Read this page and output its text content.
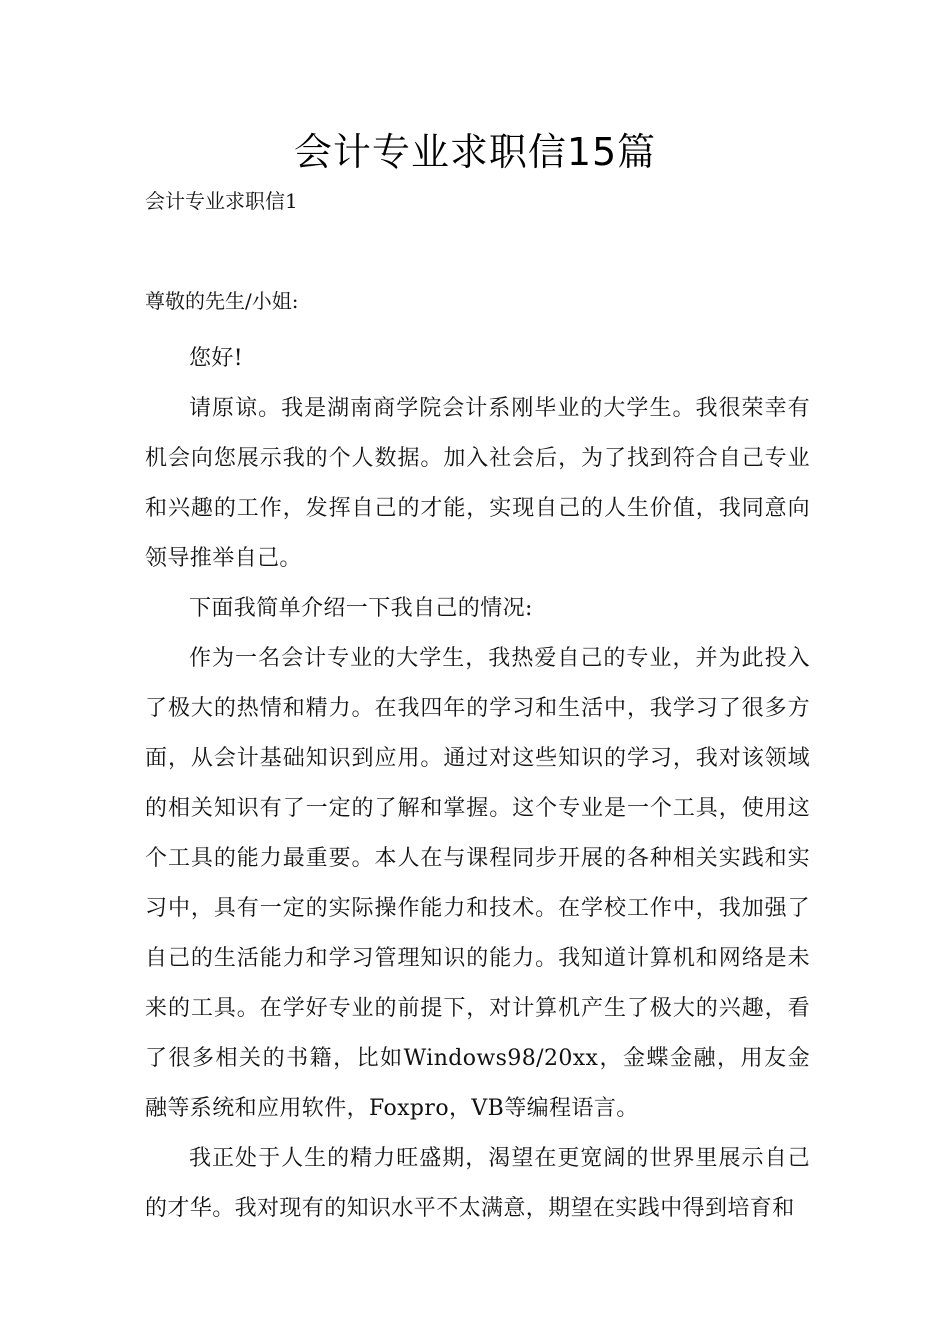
会计专业求职信15篇
会计专业求职信1
尊敬的先生/小姐:

您好!

请原谅。我是湖南商学院会计系刚毕业的大学生。我很荣幸有机会向您展示我的个人数据。加入社会后，为了找到符合自己专业和兴趣的工作，发挥自己的才能，实现自己的人生价值，我同意向领导推举自己。

下面我简单介绍一下我自己的情况:

作为一名会计专业的大学生，我热爱自己的专业，并为此投入了极大的热情和精力。在我四年的学习和生活中，我学习了很多方面，从会计基础知识到应用。通过对这些知识的学习，我对该领域的相关知识有了一定的了解和掌握。这个专业是一个工具，使用这个工具的能力最重要。本人在与课程同步开展的各种相关实践和实习中，具有一定的实际操作能力和技术。在学校工作中，我加强了自己的生活能力和学习管理知识的能力。我知道计算机和网络是未来的工具。在学好专业的前提下，对计算机产生了极大的兴趣，看了很多相关的书籍，比如Windows98/20xx，金蝶金融，用友金融等系统和应用软件，Foxpro，VB等编程语言。

我正处于人生的精力旺盛期，渴望在更宽阔的世界里展示自己的才华。我对现有的知识水平不太满意，期望在实践中得到培育和
